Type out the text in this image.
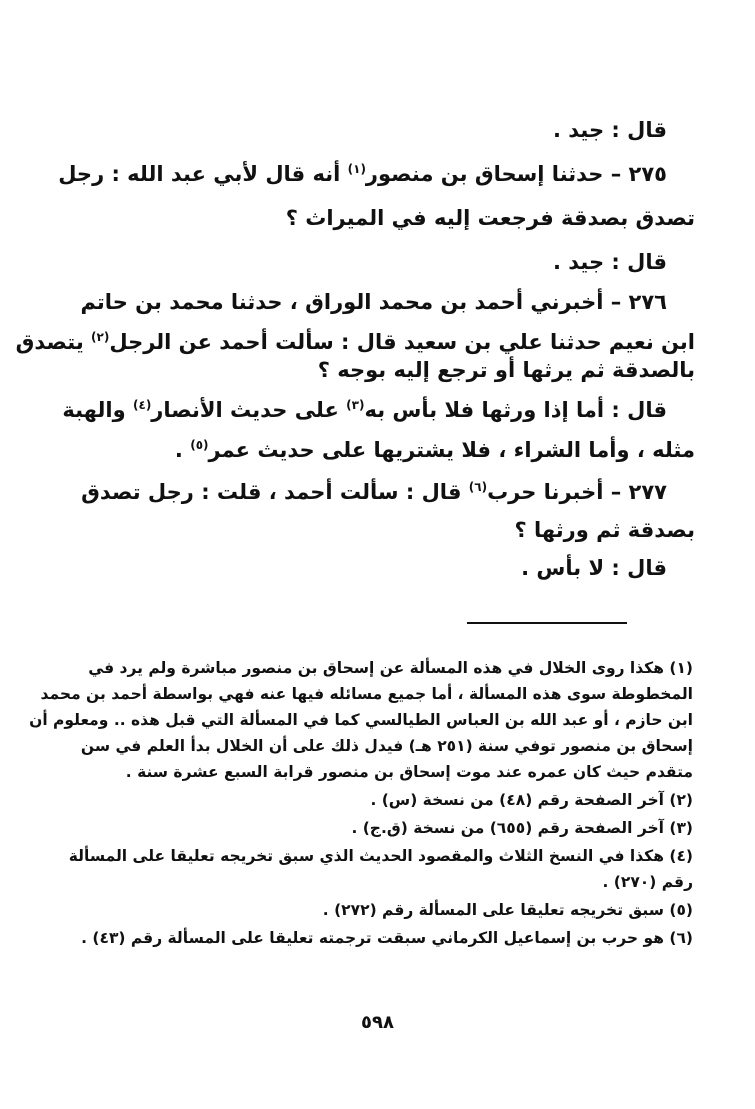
قال : جيد .
٢٧٥ – حدثنا إسحاق بن منصور$^{(١)}$ أنه قال لأبي عبد الله : رجل
تصدق بصدقة فرجعت إليه في الميراث ؟
قال : جيد .
٢٧٦ – أخبرني أحمد بن محمد الوراق ، حدثنا محمد بن حاتم
ابن نعيم حدثنا علي بن سعيد قال : سألت أحمد عن الرجل$^{(٢)}$ يتصدق
بالصدقة ثم يرثها أو ترجع إليه بوجه ؟
قال : أما إذا ورثها فلا بأس به$^{(٣)}$ على حديث الأنصار$^{(٤)}$ والهبة
مثله ، وأما الشراء ، فلا يشتريها على حديث عمر$^{(٥)}$ .
٢٧٧ – أخبرنا حرب$^{(٦)}$ قال : سألت أحمد ، قلت : رجل تصدق
بصدقة ثم ورثها ؟
قال : لا بأس .
(١) هكذا روى الخلال في هذه المسألة عن إسحاق بن منصور مباشرة ولم يرد في
المخطوطة سوى هذه المسألة ، أما جميع مسائله فيها عنه فهي بواسطة أحمد بن محمد
ابن حازم ، أو عبد الله بن العباس الطيالسي كما في المسألة التي قبل هذه .. ومعلوم أن
إسحاق بن منصور توفي سنة (٢٥١ هـ) فيدل ذلك على أن الخلال بدأ العلم في سن
متقدم حيث كان عمره عند موت إسحاق بن منصور قرابة السبع عشرة سنة .
(٢) آخر الصفحة رقم (٤٨) من نسخة (س) .
(٣) آخر الصفحة رقم (٦٥٥) من نسخة (ق.ج) .
(٤) هكذا في النسخ الثلاث والمقصود الحديث الذي سبق تخريجه تعليقا على المسألة
رقم (٢٧٠) .
(٥) سبق تخريجه تعليقا على المسألة رقم (٢٧٢) .
(٦) هو حرب بن إسماعيل الكرماني سبقت ترجمته تعليقا على المسألة رقم (٤٣) .
٥٩٨
